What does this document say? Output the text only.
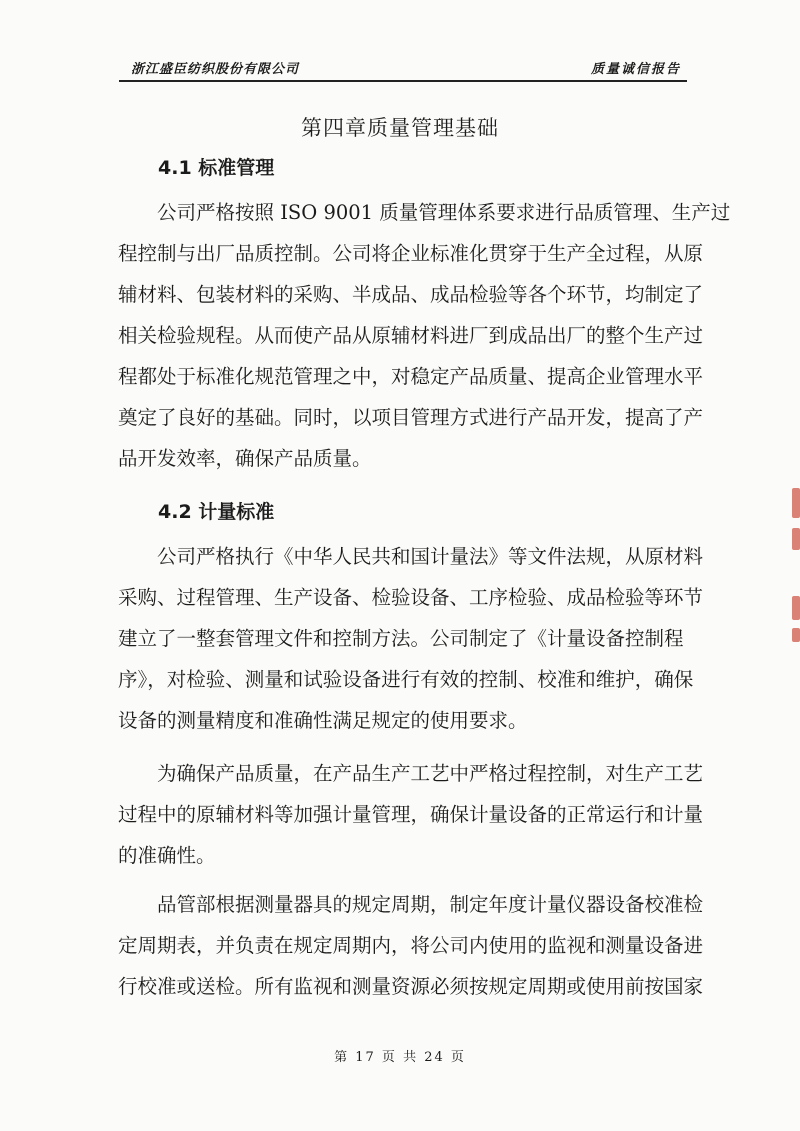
浙江盛臣纺织股份有限公司	质量诚信报告
第四章质量管理基础
4.1 标准管理
　　公司严格按照 ISO 9001 质量管理体系要求进行品质管理、生产过
程控制与出厂品质控制。公司将企业标准化贯穿于生产全过程，从原
辅材料、包装材料的采购、半成品、成品检验等各个环节，均制定了
相关检验规程。从而使产品从原辅材料进厂到成品出厂的整个生产过
程都处于标准化规范管理之中，对稳定产品质量、提高企业管理水平
奠定了良好的基础。同时，以项目管理方式进行产品开发，提高了产
品开发效率，确保产品质量。
4.2 计量标准
　　公司严格执行《中华人民共和国计量法》等文件法规，从原材料
采购、过程管理、生产设备、检验设备、工序检验、成品检验等环节
建立了一整套管理文件和控制方法。公司制定了《计量设备控制程
序》，对检验、测量和试验设备进行有效的控制、校准和维护，确保
设备的测量精度和准确性满足规定的使用要求。
　　为确保产品质量，在产品生产工艺中严格过程控制，对生产工艺
过程中的原辅材料等加强计量管理，确保计量设备的正常运行和计量
的准确性。
　　品管部根据测量器具的规定周期，制定年度计量仪器设备校准检
定周期表，并负责在规定周期内，将公司内使用的监视和测量设备进
行校准或送检。所有监视和测量资源必须按规定周期或使用前按国家
第 17 页 共 24 页
